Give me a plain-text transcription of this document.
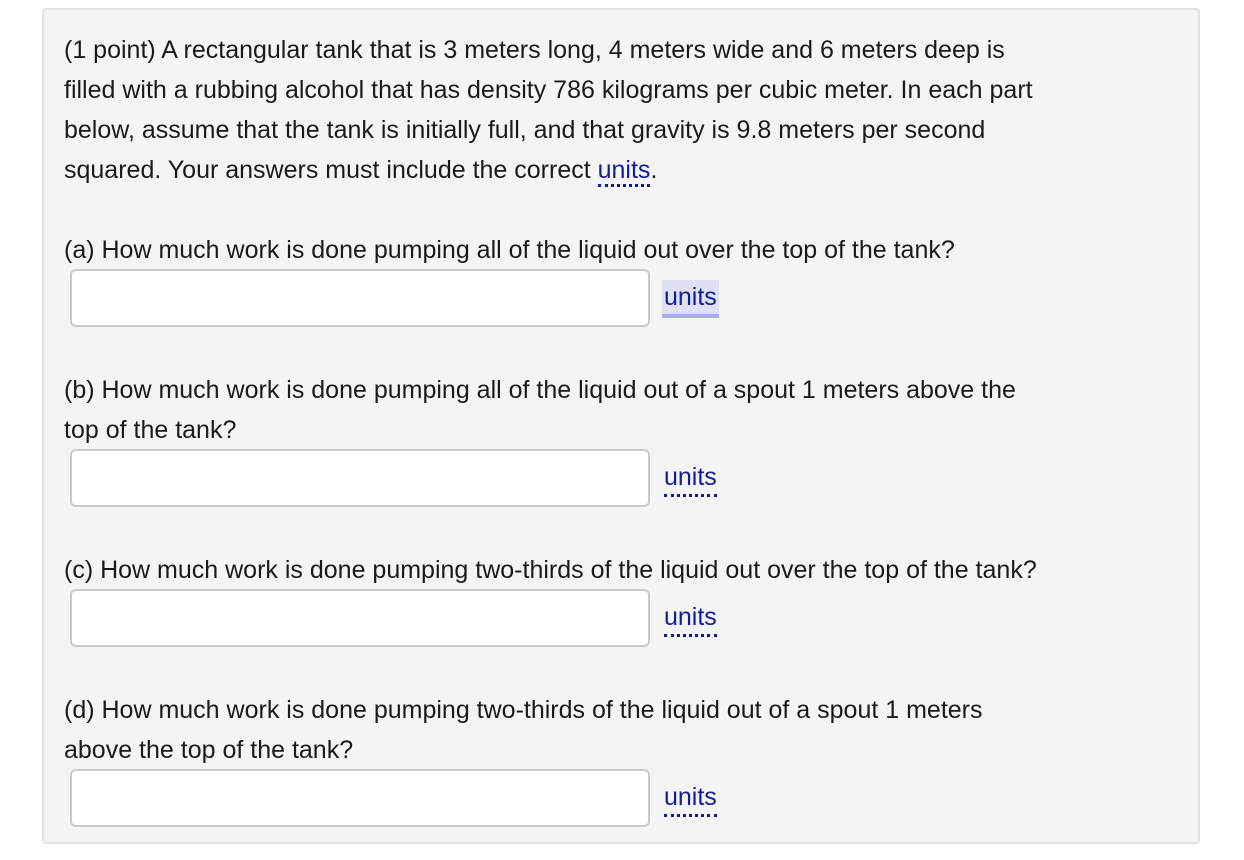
(1 point) A rectangular tank that is 3 meters long, 4 meters wide and 6 meters deep is
filled with a rubbing alcohol that has density 786 kilograms per cubic meter. In each part
below, assume that the tank is initially full, and that gravity is 9.8 meters per second
squared. Your answers must include the correct units.

(a) How much work is done pumping all of the liquid out over the top of the tank?

units

(b) How much work is done pumping all of the liquid out of a spout 1 meters above the
top of the tank?

units

(c) How much work is done pumping two-thirds of the liquid out over the top of the tank?

units

(d) How much work is done pumping two-thirds of the liquid out of a spout 1 meters
above the top of the tank?

units
